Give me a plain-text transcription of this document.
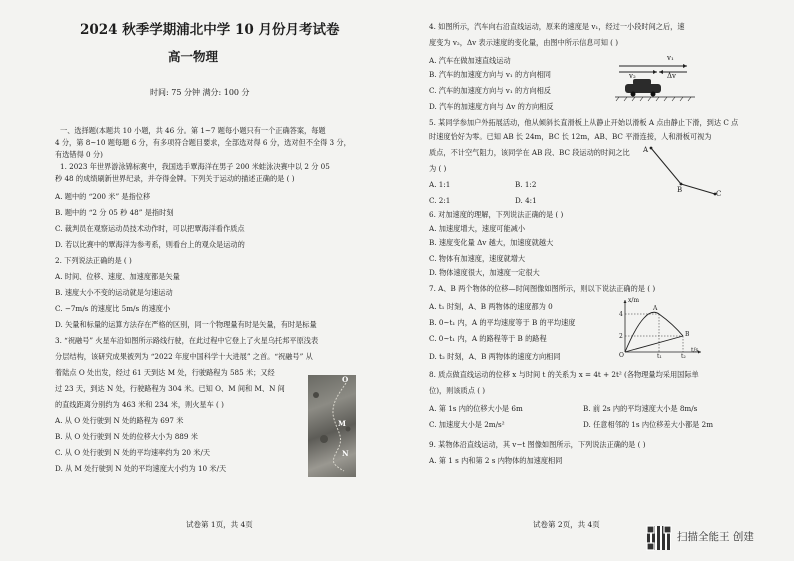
2024 秋季学期浦北中学 10 月份月考试卷
高一物理
时间: 75 分钟 满分: 100 分
一、选择题(本题共 10 小题，共 46 分。第 1~7 题每小题只有一个正确答案，每题
4 分，第 8~10 题每题 6 分，有多项符合题目要求，全部选对得 6 分，选对但不全得 3 分，
有选错得 0 分)
1. 2023 年世界游泳锦标赛中，我国选手覃海洋在男子 200 米蛙泳决赛中以 2 分 05
秒 48 的成绩刷新世界纪录，并夺得金牌。下列关于运动的描述正确的是 ( )
A. 题中的 “200 米” 是指位移
B. 题中的 “2 分 05 秒 48” 是指时刻
C. 裁判员在观察运动员技术动作时，可以把覃海洋看作质点
D. 若以比赛中的覃海洋为参考系，则看台上的观众是运动的
2. 下列说法正确的是 ( )
A. 时间、位移、速度、加速度都是矢量
B. 速度大小不变的运动就是匀速运动
C. −7m/s 的速度比 5m/s 的速度小
D. 矢量和标量的运算方法存在严格的区别，同一个物理量有时是矢量，有时是标量
3. “祝融号” 火星车沿如图所示路线行驶，在此过程中它登上了火星乌托邦平原浅表
分层结构，该研究成果被列为 “2022 年度中国科学十大进展” 之首。“祝融号” 从
着陆点 O 处出发，经过 61 天到达 M 处，行驶路程为 585 米；又经
过 23 天，到达 N 处，行驶路程为 304 米。已知 O、M 间和 M、N 间
的直线距离分别约为 463 米和 234 米，则火星车 ( )
A. 从 O 处行驶到 N 处的路程为 697 米
B. 从 O 处行驶到 N 处的位移大小为 889 米
C. 从 O 处行驶到 N 处的平均速率约为 20 米/天
D. 从 M 处行驶到 N 处的平均速度大小约为 10 米/天
O
M
N
试卷第 1页，共 4页
4. 如图所示，汽车向右沿直线运动，原来的速度是 v₁，经过一小段时间之后，速
度变为 v₂，Δv 表示速度的变化量，由图中所示信息可知 ( )
A. 汽车在做加速直线运动
B. 汽车的加速度方向与 v₁ 的方向相同
C. 汽车的加速度方向与 v₁ 的方向相反
D. 汽车的加速度方向与 Δv 的方向相反
v₁
v₂	Δv
5. 某同学参加户外拓展活动，他从倾斜长直滑板上从静止开始以滑板 A 点由静止下滑，到达 C 点
时速度恰好为零。已知 AB 长 24m，BC 长 12m，AB、BC 平滑连接，人和滑板可视为
质点，不计空气阻力，该同学在 AB 段、BC 段运动的时间之比
为 ( )
A. 1:1	B. 1:2
C. 2:1	D. 4:1
A
B	C
6. 对加速度的理解，下列说法正确的是 ( )
A. 加速度增大，速度可能减小
B. 速度变化量 Δv 越大，加速度就越大
C. 物体有加速度，速度就增大
D. 物体速度很大，加速度一定很大
7. A、B 两个物体的位移—时间图像如图所示，则以下说法正确的是 ( )
A. t₁ 时刻，A、B 两物体的速度都为 0
B. 0~t₁ 内，A 的平均速度等于 B 的平均速度
C. 0~t₁ 内，A 的路程等于 B 的路程
D. t₂ 时刻，A、B 两物体的速度方向相同
x/m
t/s
A
B
4
2
O	t₁	t₂
8. 质点做直线运动的位移 x 与时间 t 的关系为 x = 4t + 2t² (各物理量均采用国际单
位)，则该质点 ( )
A. 第 1s 内的位移大小是 6m	B. 前 2s 内的平均速度大小是 8m/s
C. 加速度大小是 2m/s²	D. 任意相邻的 1s 内位移差大小都是 2m
9. 某物体沿直线运动，其 v−t 图像如图所示，下列说法正确的是 ( )
A. 第 1 s 内和第 2 s 内物体的加速度相同
试卷第 2页，共 4页
扫描全能王 创建
